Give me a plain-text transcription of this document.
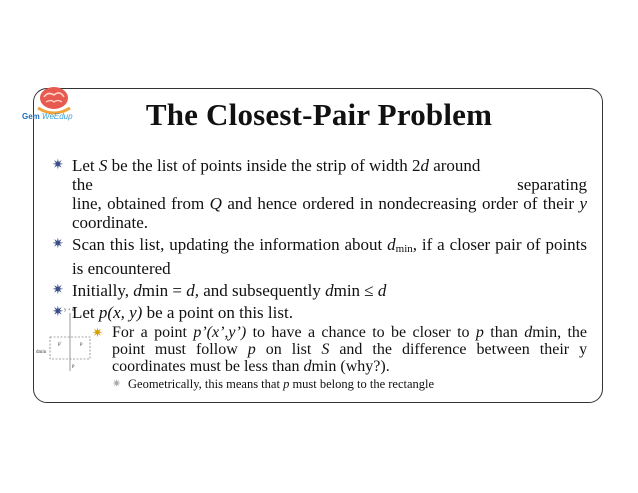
Gem WeEdup	The Closest-Pair Problem
✷ Let S be the list of points inside the strip of width 2d around
the	separating
line, obtained from Q and hence ordered in nondecreasing order of their y coordinate.
✷ Scan this list, updating the information about dmin, if a closer pair of points is encountered
✷ Initially, dmin = d, and subsequently dmin ≤ d
✷ Let p(x, y) be a point on this list.
✷ For a point p’(x’,y’) to have a chance to be closer to p than dmin, the point must follow p on list S and the difference between their y coordinates must be less than dmin (why?).
✷ Geometrically, this means that p must belong to the rectangle
y + d
dmin
p'	p
p
